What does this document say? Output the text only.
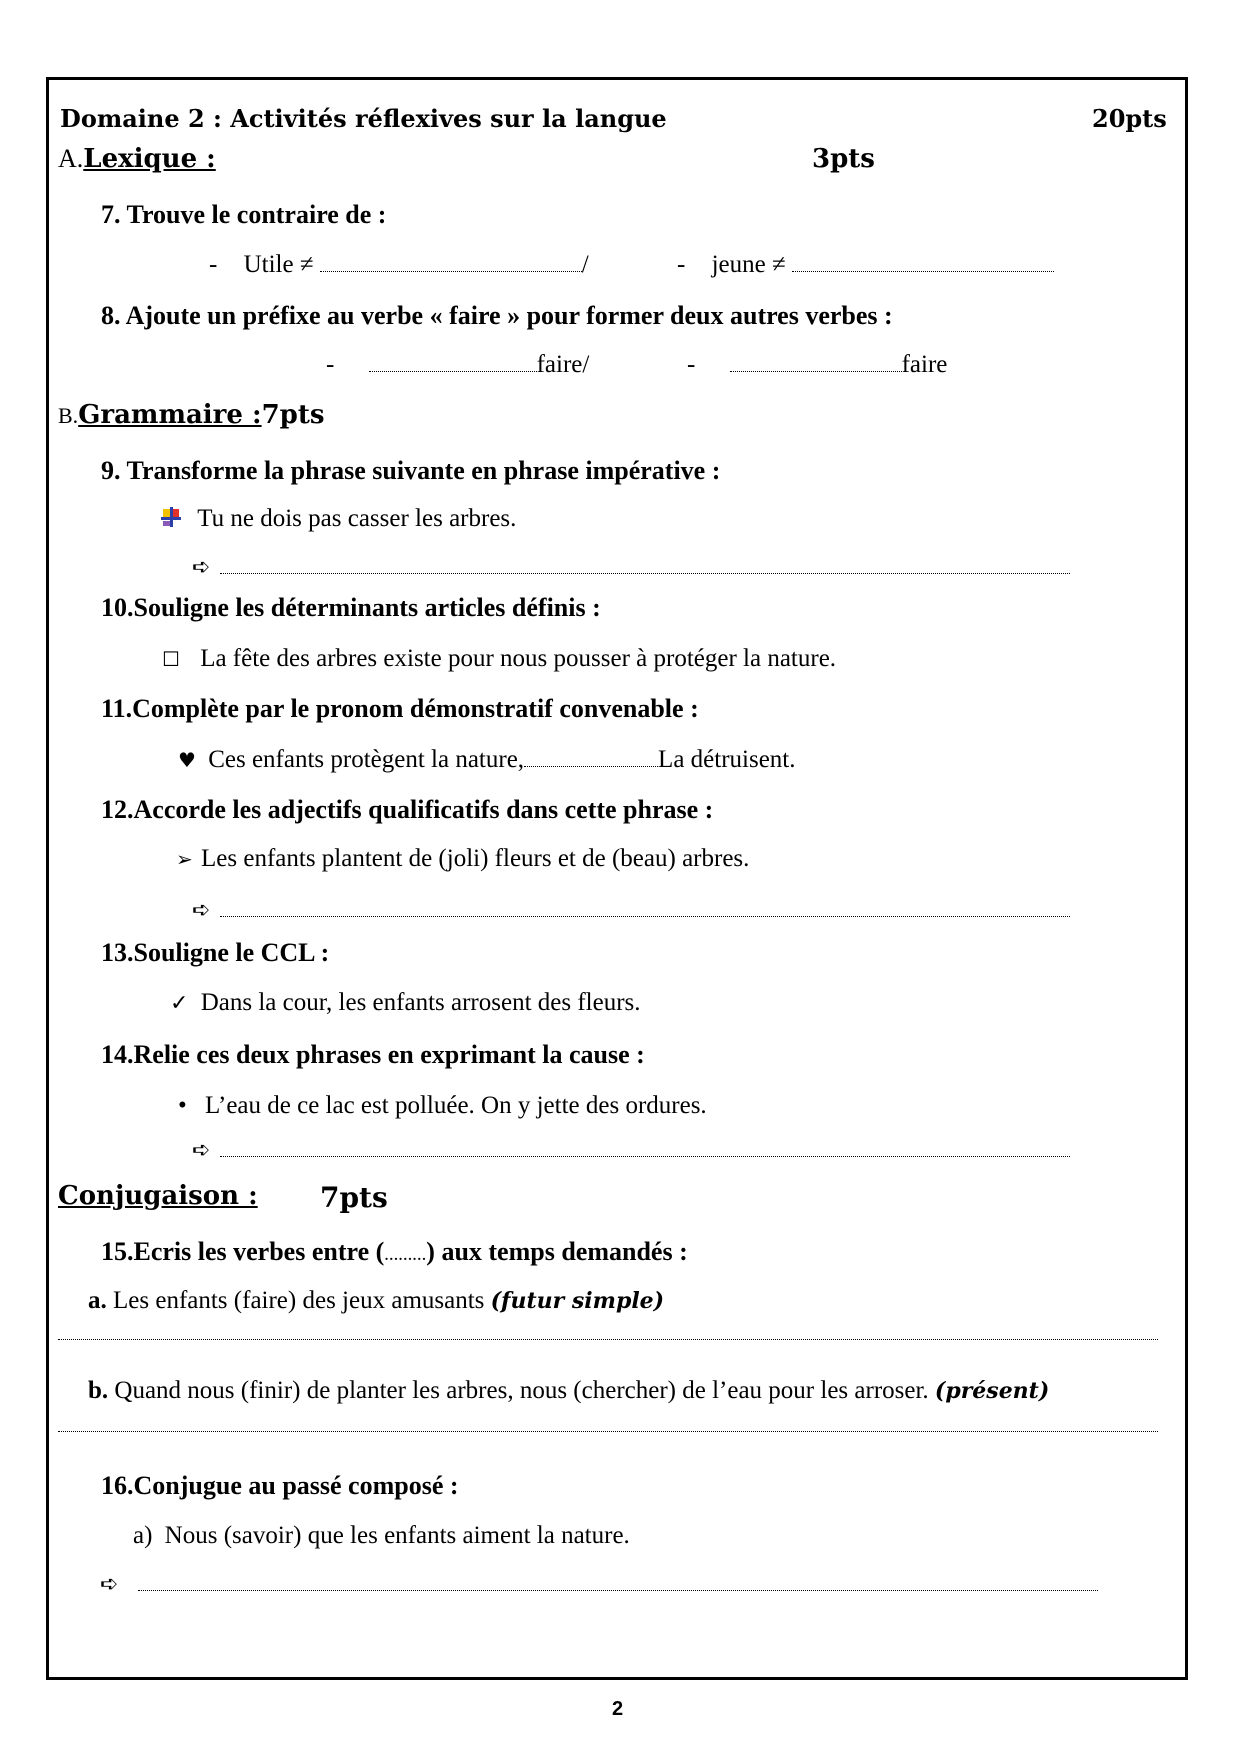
Domaine 2 : Activités réflexives sur la langue	20pts
A.Lexique :	3pts
7. Trouve le contraire de :
- Utile ≠	/	- jeune ≠
8. Ajoute un préfixe au verbe « faire » pour former deux autres verbes :
-	faire/	-	faire
B.Grammaire :7pts
9. Transforme la phrase suivante en phrase impérative :
Tu ne dois pas casser les arbres.
➪
10.Souligne les déterminants articles définis :
☐ La fête des arbres existe pour nous pousser à protéger la nature.
11.Complète par le pronom démonstratif convenable :
♥ Ces enfants protègent la nature,	La détruisent.
12.Accorde les adjectifs qualificatifs dans cette phrase :
➢ Les enfants plantent de (joli) fleurs et de (beau) arbres.
➪
13.Souligne le CCL :
✓ Dans la cour, les enfants arrosent des fleurs.
14.Relie ces deux phrases en exprimant la cause :
• L’eau de ce lac est polluée. On y jette des ordures.
➪
Conjugaison : 7pts
15.Ecris les verbes entre (………) aux temps demandés :
a. Les enfants (faire) des jeux amusants (futur simple)
b. Quand nous (finir) de planter les arbres, nous (chercher) de l’eau pour les arroser. (présent)
16.Conjugue au passé composé :
a) Nous (savoir) que les enfants aiment la nature.
➪
2
